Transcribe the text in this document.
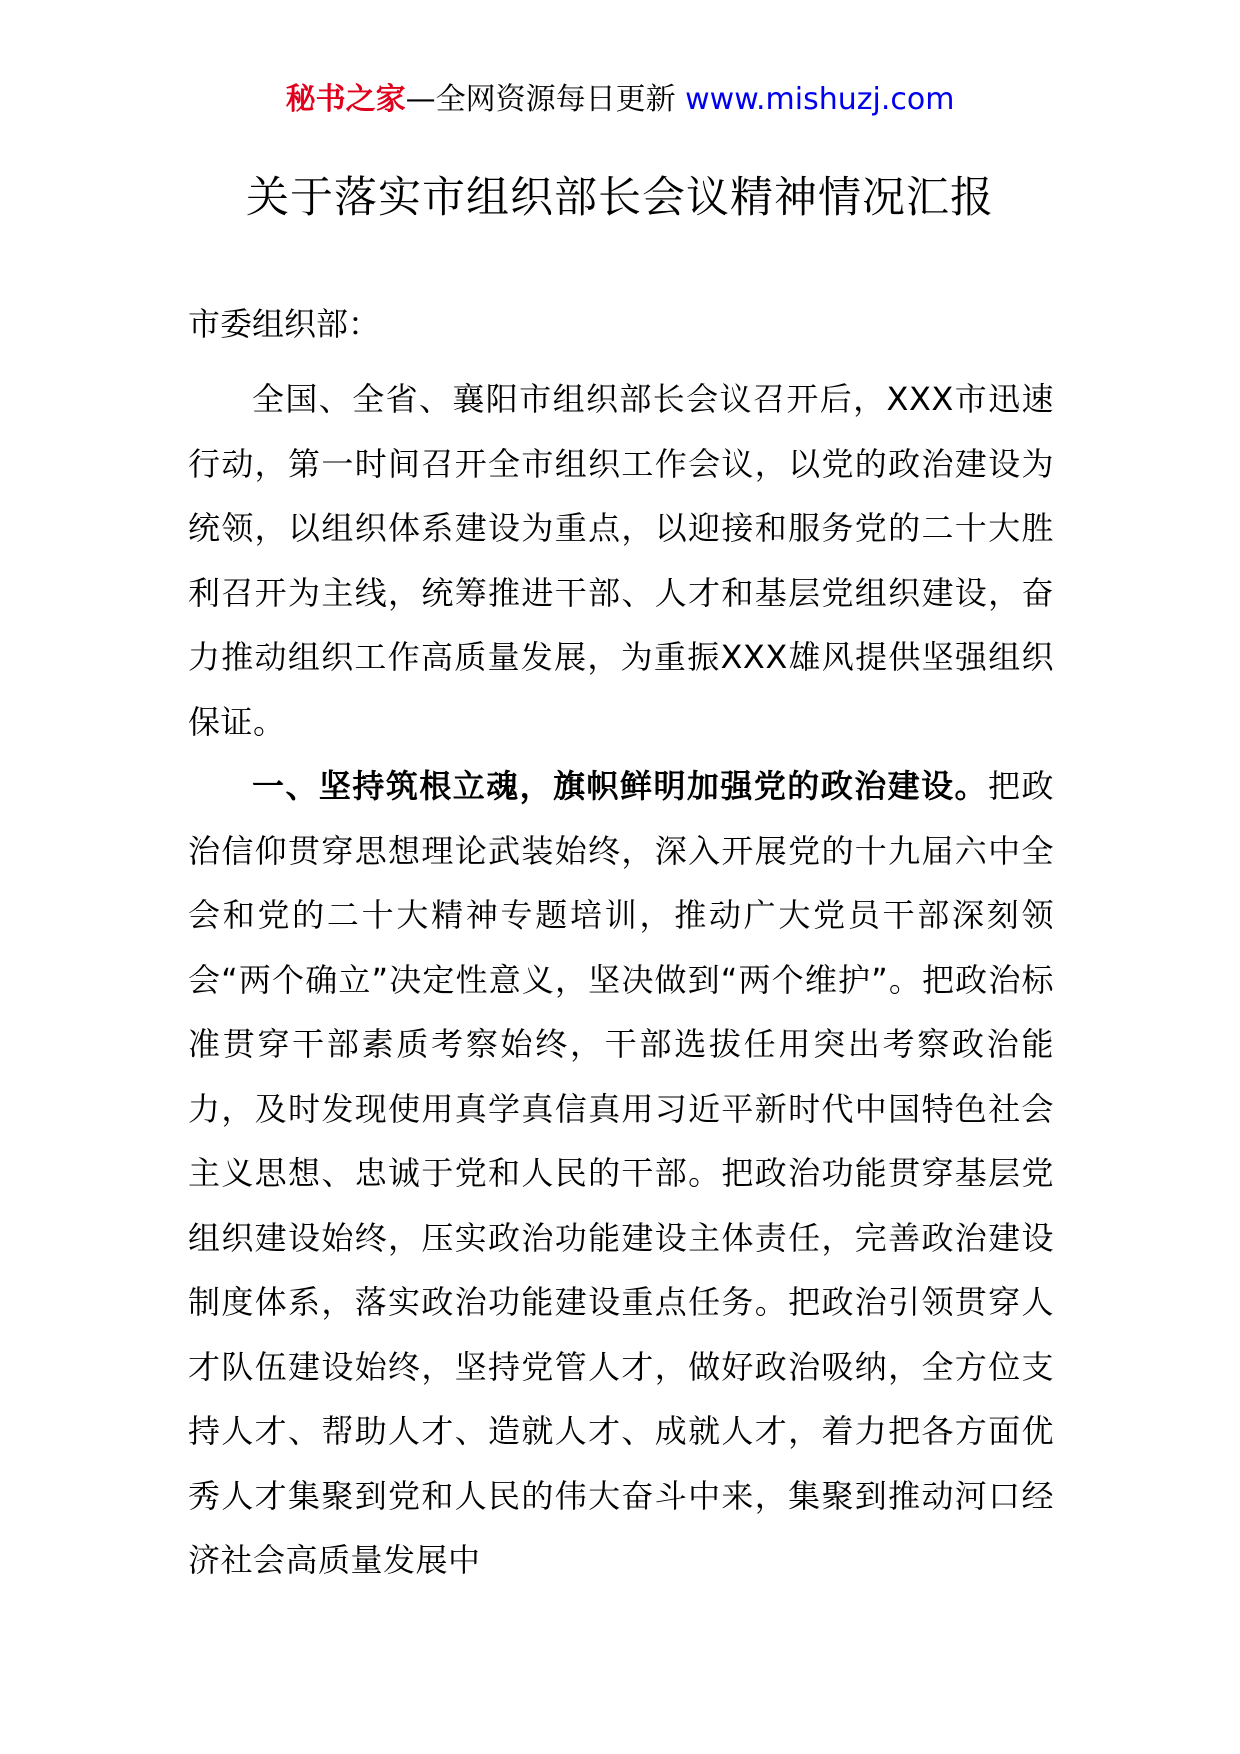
秘书之家—全网资源每日更新 www.mishuzj.com
关于落实市组织部长会议精神情况汇报
市委组织部：

全国、全省、襄阳市组织部长会议召开后，XXX市迅速行动，第一时间召开全市组织工作会议，以党的政治建设为统领，以组织体系建设为重点，以迎接和服务党的二十大胜利召开为主线，统筹推进干部、人才和基层党组织建设，奋力推动组织工作高质量发展，为重振XXX雄风提供坚强组织保证。

一、坚持筑根立魂，旗帜鲜明加强党的政治建设。把政治信仰贯穿思想理论武装始终，深入开展党的十九届六中全会和党的二十大精神专题培训，推动广大党员干部深刻领会“两个确立”决定性意义，坚决做到“两个维护”。把政治标准贯穿干部素质考察始终，干部选拔任用突出考察政治能力，及时发现使用真学真信真用习近平新时代中国特色社会主义思想、忠诚于党和人民的干部。把政治功能贯穿基层党组织建设始终，压实政治功能建设主体责任，完善政治建设制度体系，落实政治功能建设重点任务。把政治引领贯穿人才队伍建设始终，坚持党管人才，做好政治吸纳，全方位支持人才、帮助人才、造就人才、成就人才，着力把各方面优秀人才集聚到党和人民的伟大奋斗中来，集聚到推动河口经济社会高质量发展中
